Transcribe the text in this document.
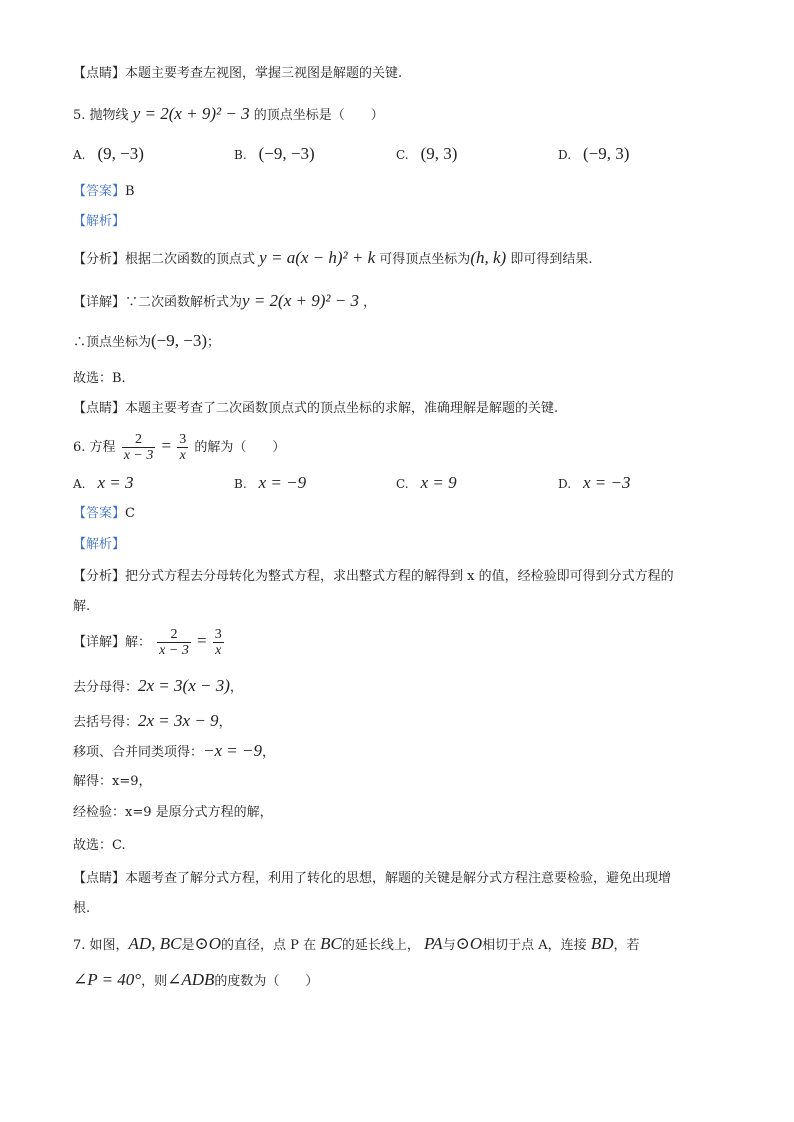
【点睛】本题主要考查左视图，掌握三视图是解题的关键.
5. 抛物线 y = 2(x + 9)² − 3 的顶点坐标是（　　）
A. (9, −3)	B. (−9, −3)	C. (9, 3)	D. (−9, 3)
【答案】B
【解析】
【分析】根据二次函数的顶点式 y = a(x − h)² + k 可得顶点坐标为(h, k) 即可得到结果.
【详解】∵二次函数解析式为y = 2(x + 9)² − 3 ，
∴顶点坐标为(−9, −3)；
故选：B.
【点睛】本题主要考查了二次函数顶点式的顶点坐标的求解，准确理解是解题的关键.
6. 方程 $\frac{2}{x - 3} = \frac{3}{x}$ 的解为（　　）
A. x = 3	B. x = −9	C. x = 9	D. x = −3
【答案】C
【解析】
【分析】把分式方程去分母转化为整式方程，求出整式方程的解得到 x 的值，经检验即可得到分式方程的
解.
【详解】解： $\frac{2}{x - 3} = \frac{3}{x}$
去分母得：2x = 3(x − 3)，
去括号得：2x = 3x − 9，
移项、合并同类项得：−x = −9，
解得：x=9，
经检验：x=9 是原分式方程的解，
故选：C.
【点睛】本题考查了解分式方程，利用了转化的思想，解题的关键是解分式方程注意要检验，避免出现增
根.
7. 如图，AD, BC是⊙O的直径，点 P 在 BC的延长线上， PA与⊙O相切于点 A，连接 BD，若
∠P = 40°，则∠ADB的度数为（　　）
